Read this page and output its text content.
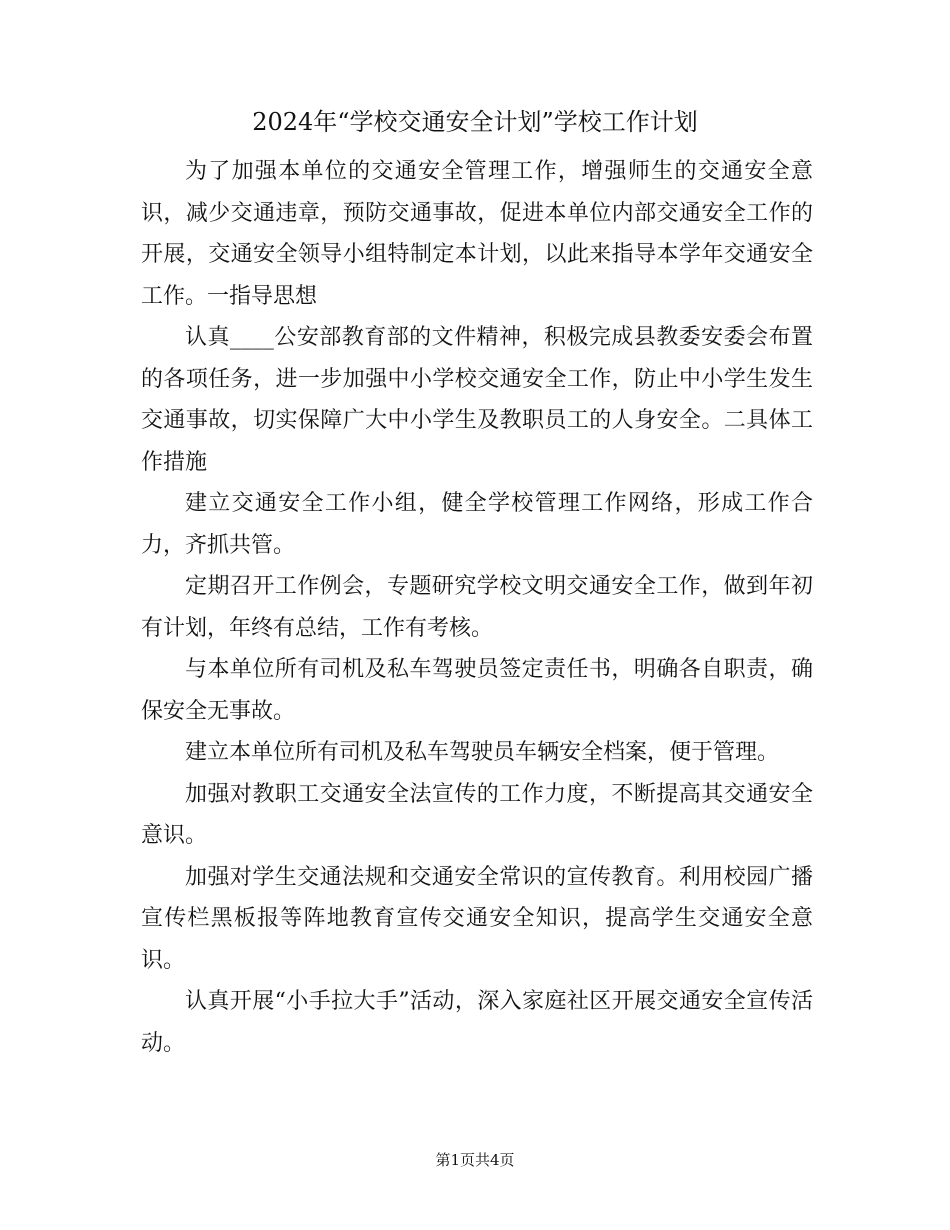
2024年“学校交通安全计划”学校工作计划

为了加强本单位的交通安全管理工作，增强师生的交通安全意识，减少交通违章，预防交通事故，促进本单位内部交通安全工作的开展，交通安全领导小组特制定本计划，以此来指导本学年交通安全工作。一指导思想

认真____公安部教育部的文件精神，积极完成县教委安委会布置的各项任务，进一步加强中小学校交通安全工作，防止中小学生发生交通事故，切实保障广大中小学生及教职员工的人身安全。二具体工作措施

建立交通安全工作小组，健全学校管理工作网络，形成工作合力，齐抓共管。

定期召开工作例会，专题研究学校文明交通安全工作，做到年初有计划，年终有总结，工作有考核。

与本单位所有司机及私车驾驶员签定责任书，明确各自职责，确保安全无事故。

建立本单位所有司机及私车驾驶员车辆安全档案，便于管理。

加强对教职工交通安全法宣传的工作力度，不断提高其交通安全意识。

加强对学生交通法规和交通安全常识的宣传教育。利用校园广播宣传栏黑板报等阵地教育宣传交通安全知识，提高学生交通安全意识。

认真开展“小手拉大手”活动，深入家庭社区开展交通安全宣传活动。

第1页共4页
